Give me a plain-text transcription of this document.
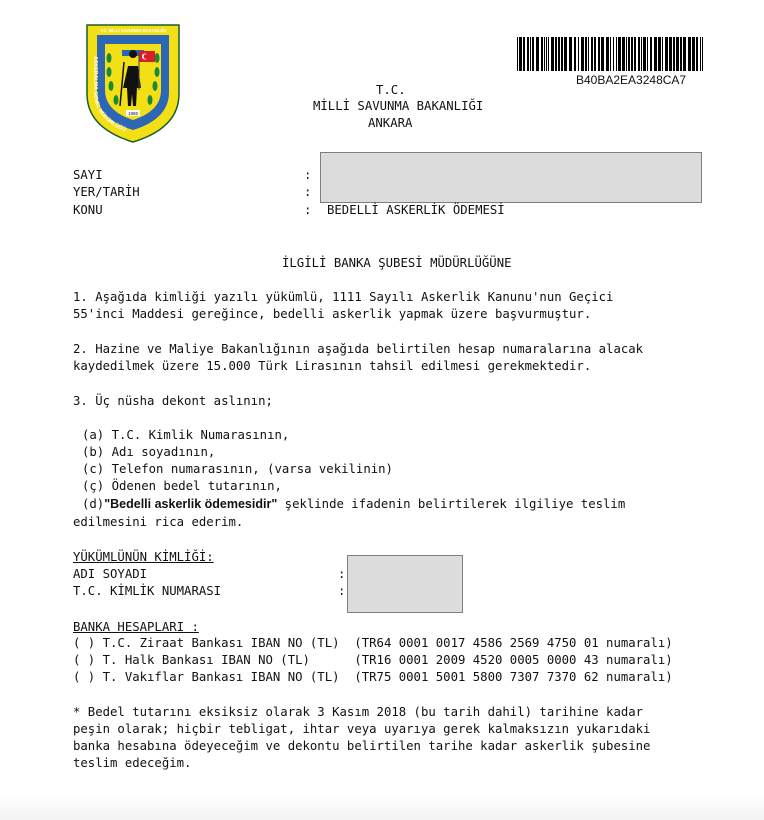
1886
T.C. MİLLİ SAVUNMA BAKANLIĞI
ASKERALMA GENEL MÜDÜRLÜĞÜ
B40BA2EA3248CA7
T.C.
MİLLİ SAVUNMA BAKANLIĞI
ANKARA
SAYI	:
YER/TARİH	:
KONU	: BEDELLİ ASKERLİK ÖDEMESİ
İLGİLİ BANKA ŞUBESİ MÜDÜRLÜĞÜNE
1. Aşağıda kimliği yazılı yükümlü, 1111 Sayılı Askerlik Kanunu'nun Geçici
55'inci Maddesi gereğince, bedelli askerlik yapmak üzere başvurmuştur.
2. Hazine ve Maliye Bakanlığının aşağıda belirtilen hesap numaralarına alacak
kaydedilmek üzere 15.000 Türk Lirasının tahsil edilmesi gerekmektedir.
3. Üç nüsha dekont aslının;
(a) T.C. Kimlik Numarasının,
(b) Adı soyadının,
(c) Telefon numarasının, (varsa vekilinin)
(ç) Ödenen bedel tutarının,
(d)"Bedelli askerlik ödemesidir" şeklinde ifadenin belirtilerek ilgiliye teslim
edilmesini rica ederim.
YÜKÜMLÜNÜN KİMLİĞİ:
ADI SOYADI	:
T.C. KİMLİK NUMARASI	:
BANKA HESAPLARI :
( ) T.C. Ziraat Bankası IBAN NO (TL)  (TR64 0001 0017 4586 2569 4750 01 numaralı)
( ) T. Halk Bankası IBAN NO (TL)      (TR16 0001 2009 4520 0005 0000 43 numaralı)
( ) T. Vakıflar Bankası IBAN NO (TL)  (TR75 0001 5001 5800 7307 7370 62 numaralı)
* Bedel tutarını eksiksiz olarak 3 Kasım 2018 (bu tarih dahil) tarihine kadar
peşin olarak; hiçbir tebligat, ihtar veya uyarıya gerek kalmaksızın yukarıdaki
banka hesabına ödeyeceğim ve dekontu belirtilen tarihe kadar askerlik şubesine
teslim edeceğim.
